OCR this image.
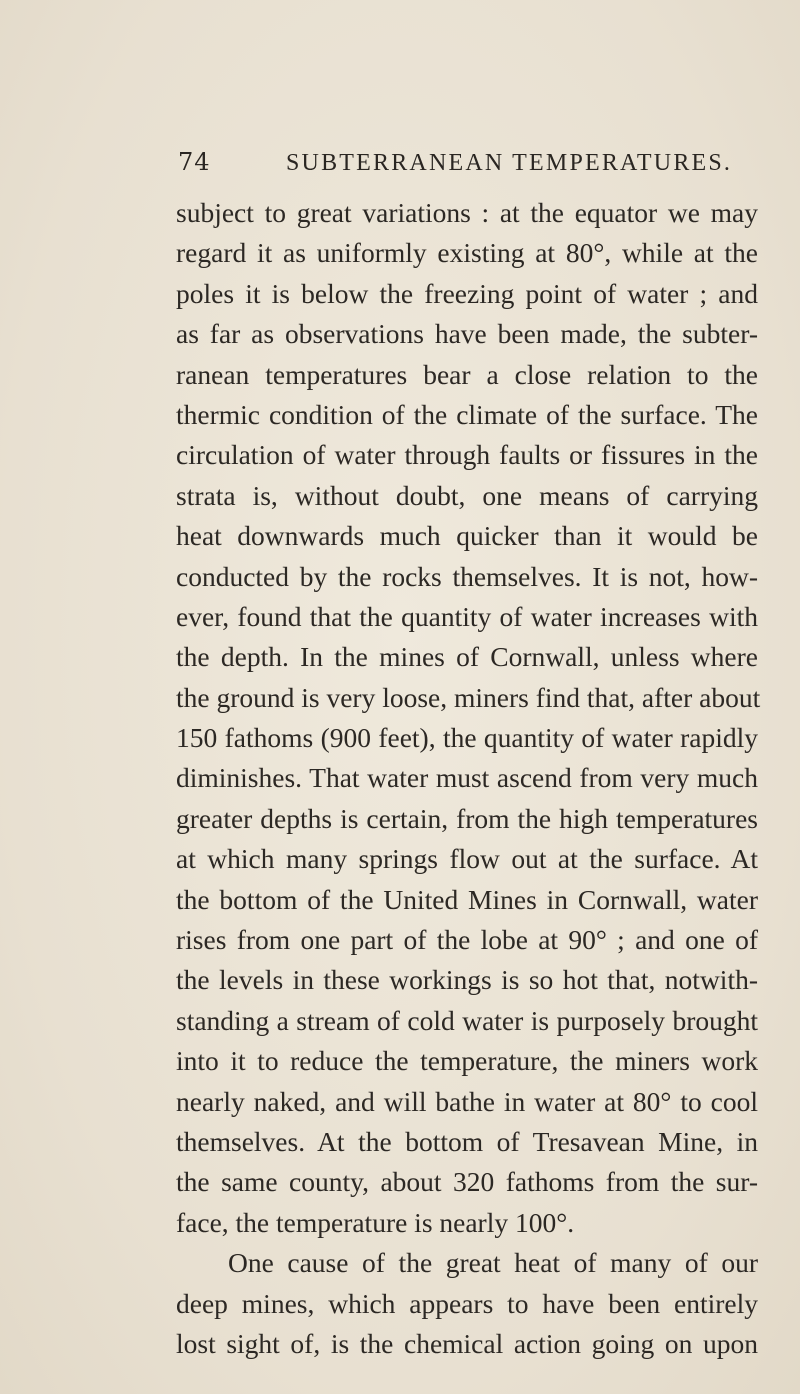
74	SUBTERRANEAN TEMPERATURES.
subject to great variations : at the equator we may
regard it as uniformly existing at 80°, while at the
poles it is below the freezing point of water ; and
as far as observations have been made, the subter-
ranean temperatures bear a close relation to the
thermic condition of the climate of the surface. The
circulation of water through faults or fissures in the
strata is, without doubt, one means of carrying
heat downwards much quicker than it would be
conducted by the rocks themselves. It is not, how-
ever, found that the quantity of water increases with
the depth. In the mines of Cornwall, unless where
the ground is very loose, miners find that, after about
150 fathoms (900 feet), the quantity of water rapidly
diminishes. That water must ascend from very much
greater depths is certain, from the high temperatures
at which many springs flow out at the surface. At
the bottom of the United Mines in Cornwall, water
rises from one part of the lobe at 90° ; and one of
the levels in these workings is so hot that, notwith-
standing a stream of cold water is purposely brought
into it to reduce the temperature, the miners work
nearly naked, and will bathe in water at 80° to cool
themselves. At the bottom of Tresavean Mine, in
the same county, about 320 fathoms from the sur-
face, the temperature is nearly 100°.
One cause of the great heat of many of our
deep mines, which appears to have been entirely
lost sight of, is the chemical action going on upon
